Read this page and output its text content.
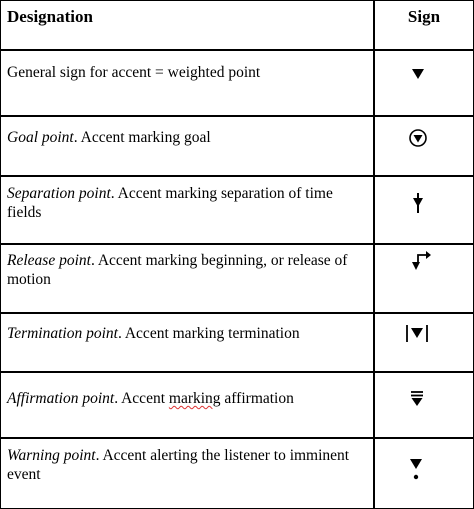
Designation	Sign
General sign for accent = weighted point
Goal point. Accent marking goal
Separation point. Accent marking separation of time fields
Release point. Accent marking beginning, or release of motion
Termination point. Accent marking termination
Affirmation point. Accent marking affirmation
Warning point. Accent alerting the listener to imminent event
